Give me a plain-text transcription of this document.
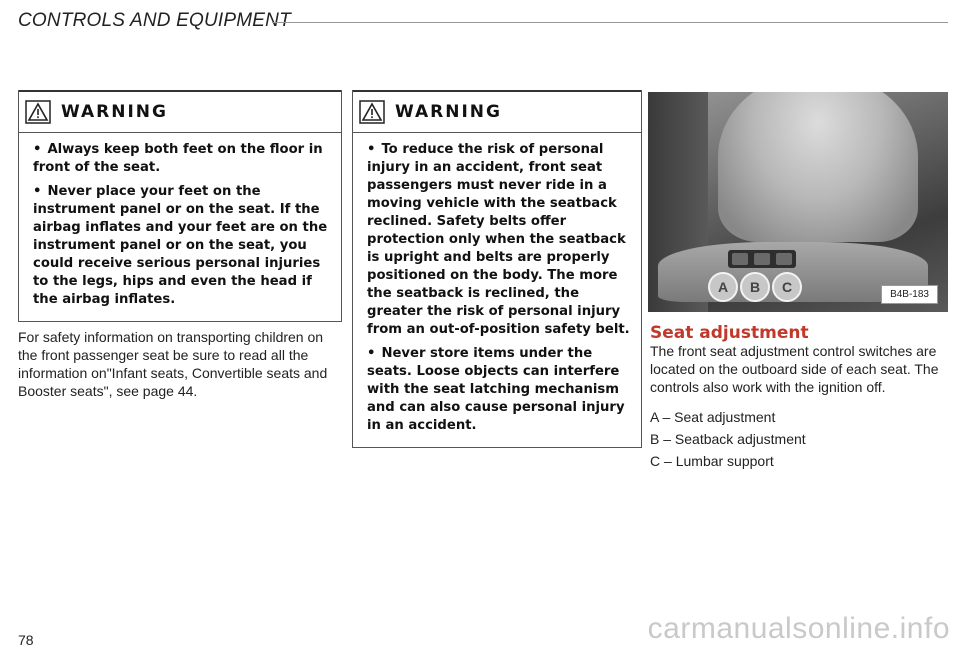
CONTROLS AND EQUIPMENT
WARNING

• Always keep both feet on the floor in front of the seat.

• Never place your feet on the instrument panel or on the seat. If the airbag inflates and your feet are on the instrument panel or on the seat, you could receive serious personal injuries to the legs, hips and even the head if the airbag inflates.

For safety information on transporting children on the front passenger seat be sure to read all the information on"Infant seats, Convertible seats and Booster seats", see page 44.
WARNING

• To reduce the risk of personal injury in an accident, front seat passengers must never ride in a moving vehicle with the seatback reclined. Safety belts offer protection only when the seatback is upright and belts are properly positioned on the body. The more the seatback is reclined, the greater the risk of personal injury from an out-of-position safety belt.

• Never store items under the seats. Loose objects can interfere with the seat latching mechanism and can also cause personal injury in an accident.

A	B	C	B4B-183
Seat adjustment
The front seat adjustment control switches are located on the outboard side of each seat. The controls also work with the ignition off.
A – Seat adjustment
B – Seatback adjustment
C – Lumbar support
78	carmanualsonline.info
